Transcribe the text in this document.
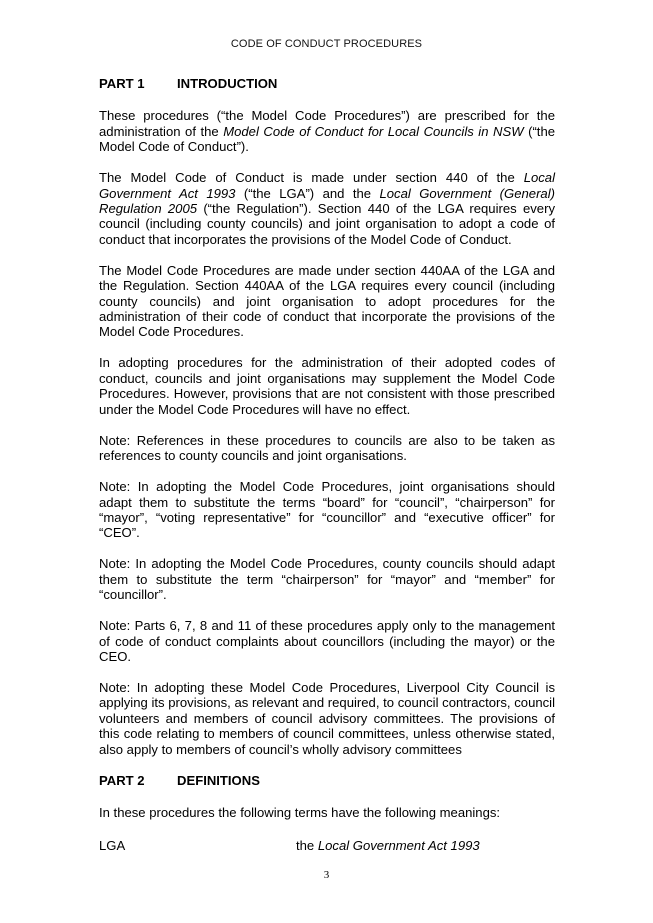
CODE OF CONDUCT PROCEDURES
PART 1	INTRODUCTION

These procedures (“the Model Code Procedures”) are prescribed for the administration of the Model Code of Conduct for Local Councils in NSW (“the Model Code of Conduct”).

The Model Code of Conduct is made under section 440 of the Local Government Act 1993 (“the LGA”) and the Local Government (General) Regulation 2005 (“the Regulation”). Section 440 of the LGA requires every council (including county councils) and joint organisation to adopt a code of conduct that incorporates the provisions of the Model Code of Conduct.

The Model Code Procedures are made under section 440AA of the LGA and the Regulation. Section 440AA of the LGA requires every council (including county councils) and joint organisation to adopt procedures for the administration of their code of conduct that incorporate the provisions of the Model Code Procedures.

In adopting procedures for the administration of their adopted codes of conduct, councils and joint organisations may supplement the Model Code Procedures. However, provisions that are not consistent with those prescribed under the Model Code Procedures will have no effect.

Note: References in these procedures to councils are also to be taken as references to county councils and joint organisations.

Note: In adopting the Model Code Procedures, joint organisations should adapt them to substitute the terms “board” for “council”, “chairperson” for “mayor”, “voting representative” for “councillor” and “executive officer” for “CEO”.

Note: In adopting the Model Code Procedures, county councils should adapt them to substitute the term “chairperson” for “mayor” and “member” for “councillor”.

Note: Parts 6, 7, 8 and 11 of these procedures apply only to the management of code of conduct complaints about councillors (including the mayor) or the CEO.

Note: In adopting these Model Code Procedures, Liverpool City Council is applying its provisions, as relevant and required, to council contractors, council volunteers and members of council advisory committees. The provisions of this code relating to members of council committees, unless otherwise stated, also apply to members of council’s wholly advisory committees

PART 2	DEFINITIONS

In these procedures the following terms have the following meanings:

LGA	the Local Government Act 1993
3
